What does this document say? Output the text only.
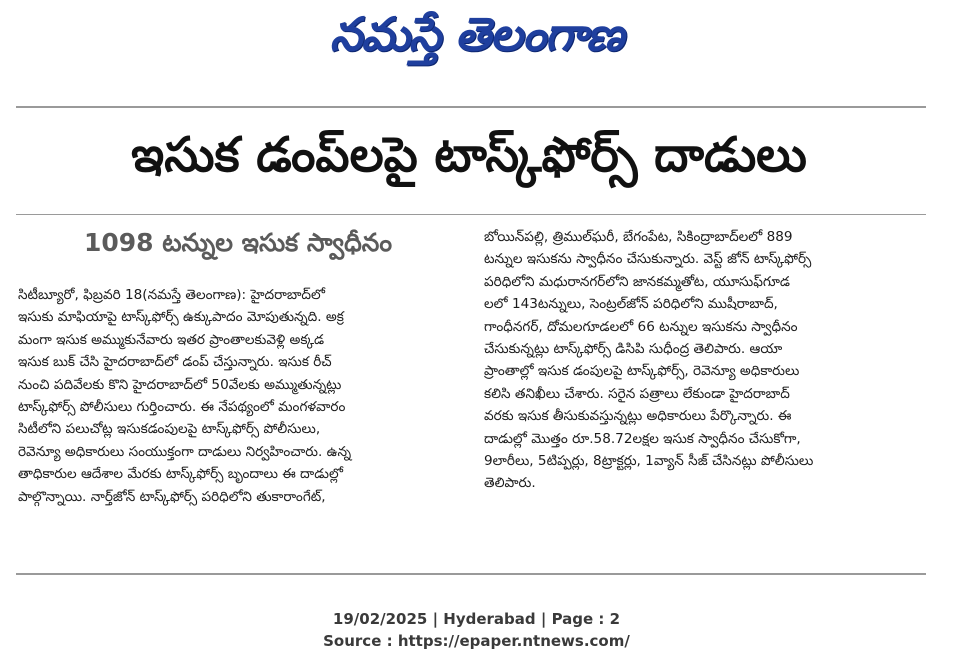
నమస్తే తెలంగాణ
ఇసుక డంప్‌లపై టాస్క్‌ఫోర్స్‌ దాడులు
1098 టన్నుల ఇసుక స్వాధీనం

సిటీబ్యూరో, ఫిబ్రవరి 18(నమస్తే తెలంగాణ): హైదరాబాద్‌లో

ఇసుకు మాఫియాపై టాస్క్‌ఫోర్స్‌ ఉక్కుపాదం మోపుతున్నది. అక్ర

మంగా ఇసుక అమ్ముకునేవారు ఇతర ప్రాంతాలకువెళ్లి అక్కడ

ఇసుక బుక్‌ చేసి హైదరాబాద్‌లో డంప్‌ చేస్తున్నారు. ఇసుక రీచ్‌

నుంచి పదివేలకు కొని హైదరాబాద్‌లో 50వేలకు అమ్ముతున్నట్లు

టాస్క్‌ఫోర్స్‌ పోలీసులు గుర్తించారు. ఈ నేపథ్యంలో మంగళవారం

సిటీలోని పలుచోట్ల ఇసుకడంపులపై టాస్క్‌ఫోర్స్‌ పోలీసులు,

రెవెన్యూ అధికారులు సంయుక్తంగా దాడులు నిర్వహించారు. ఉన్న

తాధికారుల ఆదేశాల మేరకు టాస్క్‌ఫోర్స్‌ బృందాలు ఈ దాడుల్లో

పాల్గొన్నాయి. నార్త్‌జోన్‌ టాస్క్‌ఫోర్స్‌ పరిధిలోని తుకారాంగేట్‌,

బోయిన్‌పల్లి, త్రిముల్‌ఘరీ, బేగంపేట, సికింద్రాబాద్‌లలో 889

టన్నుల ఇసుకను స్వాధీనం చేసుకున్నారు. వెస్ట్‌ జోన్‌ టాస్క్‌ఫోర్స్‌

పరిధిలోని మధురానగర్‌లోని జానకమ్మతోట, యూసుఫ్‌గూడ

లలో 143టన్నులు, సెంట్రల్‌జోన్‌ పరిధిలోని ముషీరాబాద్‌,

గాంధీనగర్‌, దోమలగూడలలో 66 టన్నుల ఇసుకను స్వాధీనం

చేసుకున్నట్లు టాస్క్‌ఫోర్స్‌ డిసిపి సుధీంద్ర తెలిపారు. ఆయా

ప్రాంతాల్లో ఇసుక డంపులపై టాస్క్‌ఫోర్స్‌, రెవెన్యూ అధికారులు

కలిసి తనిఖీలు చేశారు. సరైన పత్రాలు లేకుండా హైదరాబాద్‌

వరకు ఇసుక తీసుకువస్తున్నట్లు అధికారులు పేర్కొన్నారు. ఈ

దాడుల్లో మొత్తం రూ.58.72లక్షల ఇసుక స్వాధీనం చేసుకోగా,

9లారీలు, 5టిప్పర్లు, 8ట్రాక్టర్లు, 1వ్యాన్‌ సీజ్‌ చేసినట్లు పోలీసులు

తెలిపారు.

19/02/2025 | Hyderabad | Page : 2
Source : https://epaper.ntnews.com/
